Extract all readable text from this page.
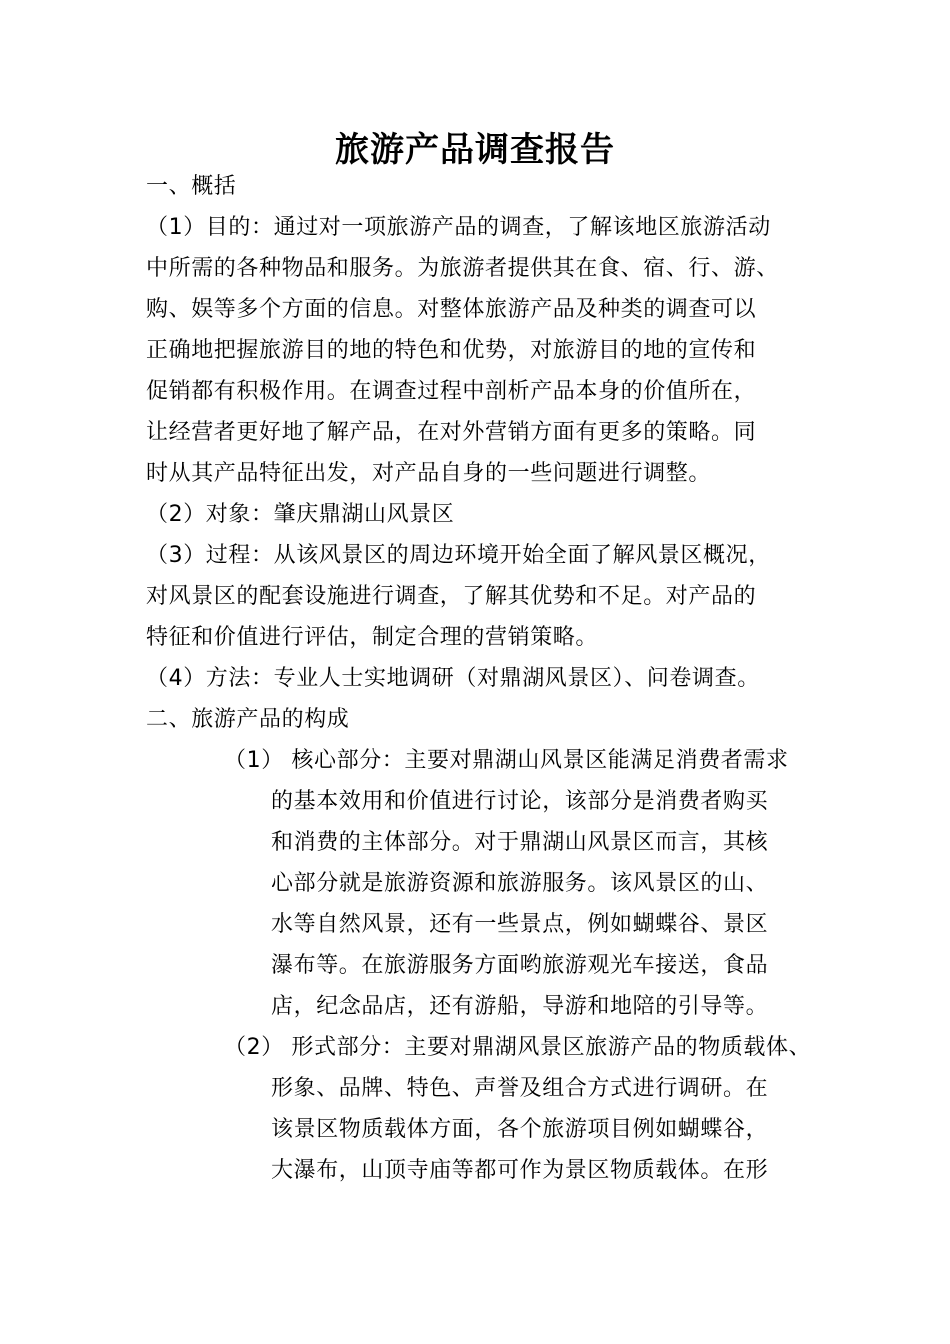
旅游产品调查报告
一、概括
（1）目的：通过对一项旅游产品的调查，了解该地区旅游活动
中所需的各种物品和服务。为旅游者提供其在食、宿、行、游、
购、娱等多个方面的信息。对整体旅游产品及种类的调查可以
正确地把握旅游目的地的特色和优势，对旅游目的地的宣传和
促销都有积极作用。在调查过程中剖析产品本身的价值所在，
让经营者更好地了解产品，在对外营销方面有更多的策略。同
时从其产品特征出发，对产品自身的一些问题进行调整。
（2）对象：肇庆鼎湖山风景区
（3）过程：从该风景区的周边环境开始全面了解风景区概况，
对风景区的配套设施进行调查，了解其优势和不足。对产品的
特征和价值进行评估，制定合理的营销策略。
（4）方法：专业人士实地调研（对鼎湖风景区）、问卷调查。
二、旅游产品的构成
（1） 核心部分：主要对鼎湖山风景区能满足消费者需求
的基本效用和价值进行讨论，该部分是消费者购买
和消费的主体部分。对于鼎湖山风景区而言，其核
心部分就是旅游资源和旅游服务。该风景区的山、
水等自然风景，还有一些景点，例如蝴蝶谷、景区
瀑布等。在旅游服务方面哟旅游观光车接送，食品
店，纪念品店，还有游船，导游和地陪的引导等。
（2） 形式部分：主要对鼎湖风景区旅游产品的物质载体、
形象、品牌、特色、声誉及组合方式进行调研。在
该景区物质载体方面，各个旅游项目例如蝴蝶谷，
大瀑布，山顶寺庙等都可作为景区物质载体。在形
